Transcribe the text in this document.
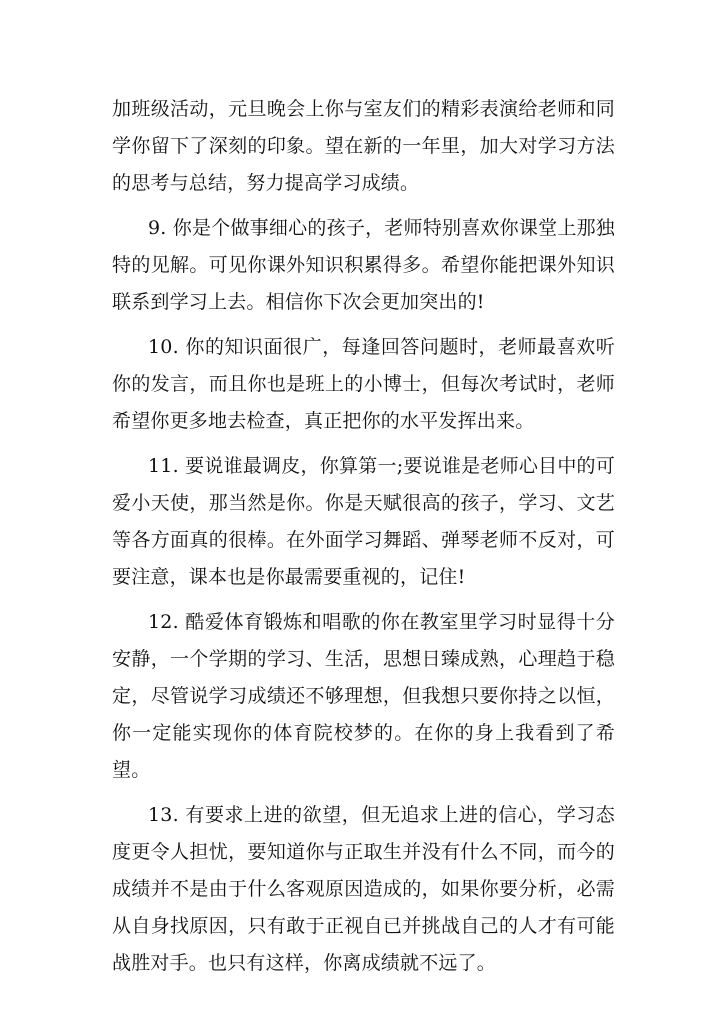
加班级活动，元旦晚会上你与室友们的精彩表演给老师和同学你留下了深刻的印象。望在新的一年里，加大对学习方法的思考与总结，努力提高学习成绩。

9. 你是个做事细心的孩子，老师特别喜欢你课堂上那独特的见解。可见你课外知识积累得多。希望你能把课外知识联系到学习上去。相信你下次会更加突出的!

10. 你的知识面很广，每逢回答问题时，老师最喜欢听你的发言，而且你也是班上的小博士，但每次考试时，老师希望你更多地去检查，真正把你的水平发挥出来。

11. 要说谁最调皮，你算第一;要说谁是老师心目中的可爱小天使，那当然是你。你是天赋很高的孩子，学习、文艺等各方面真的很棒。在外面学习舞蹈、弹琴老师不反对，可要注意，课本也是你最需要重视的，记住!

12. 酷爱体育锻炼和唱歌的你在教室里学习时显得十分安静，一个学期的学习、生活，思想日臻成熟，心理趋于稳定，尽管说学习成绩还不够理想，但我想只要你持之以恒，你一定能实现你的体育院校梦的。在你的身上我看到了希望。

13. 有要求上进的欲望，但无追求上进的信心，学习态度更令人担忧，要知道你与正取生并没有什么不同，而今的成绩并不是由于什么客观原因造成的，如果你要分析，必需从自身找原因，只有敢于正视自已并挑战自己的人才有可能战胜对手。也只有这样，你离成绩就不远了。
